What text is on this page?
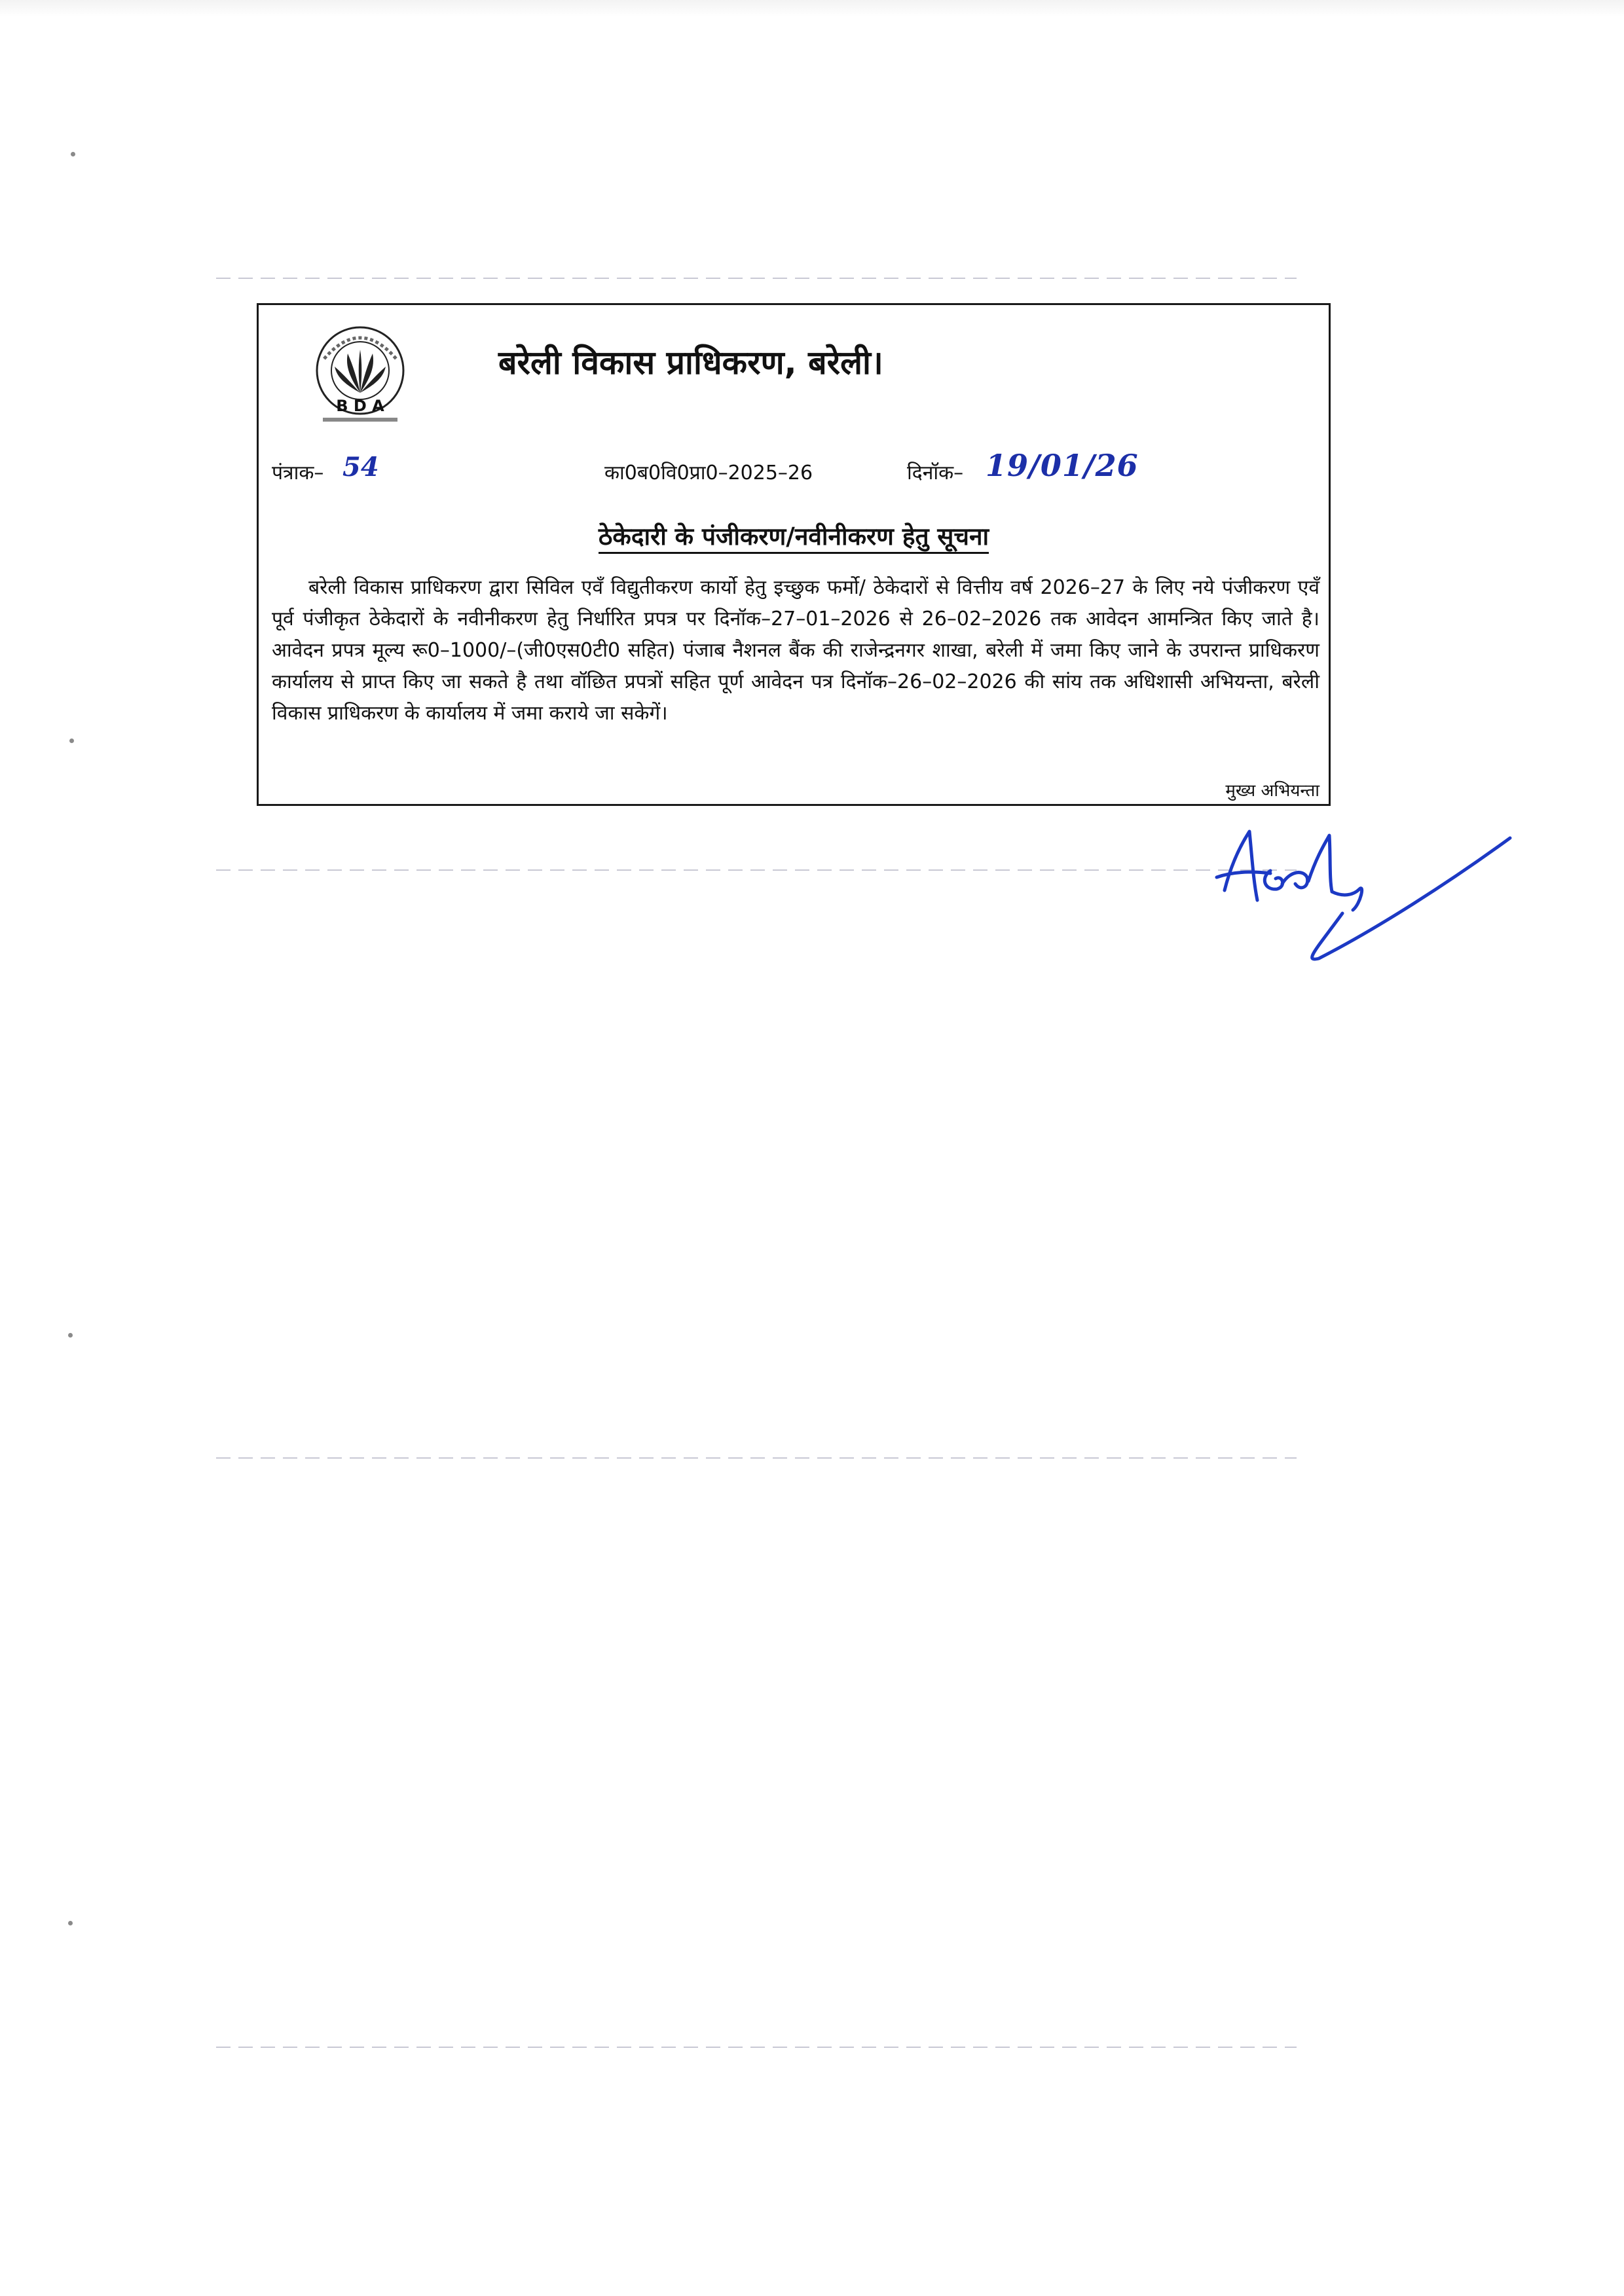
B D A
बरेली विकास प्राधिकरण, बरेली।
पंत्राक– 54	का0ब0वि0प्रा0–2025–26	दिनॉक– 19/01/26
ठेकेदारी के पंजीकरण/नवीनीकरण हेतु सूचना
बरेली विकास प्राधिकरण द्वारा सिविल एवँ विद्युतीकरण कार्यो हेतु इच्छुक फर्मो/ ठेकेदारों से वित्तीय वर्ष 2026–27 के लिए नये पंजीकरण एवँ पूर्व पंजीकृत ठेकेदारों के नवीनीकरण हेतु निर्धारित प्रपत्र पर दिनॉक–27–01–2026 से 26–02–2026 तक आवेदन आमन्त्रित किए जाते है। आवेदन प्रपत्र मूल्य रू0–1000/–(जी0एस0टी0 सहित) पंजाब नैशनल बैंक की राजेन्द्रनगर शाखा, बरेली में जमा किए जाने के उपरान्त प्राधिकरण कार्यालय से प्राप्त किए जा सकते है तथा वॉछित प्रपत्रों सहित पूर्ण आवेदन पत्र दिनॉक–26–02–2026 की सांय तक अधिशासी अभियन्ता, बरेली विकास प्राधिकरण के कार्यालय में जमा कराये जा सकेगें।
मुख्य अभियन्ता
